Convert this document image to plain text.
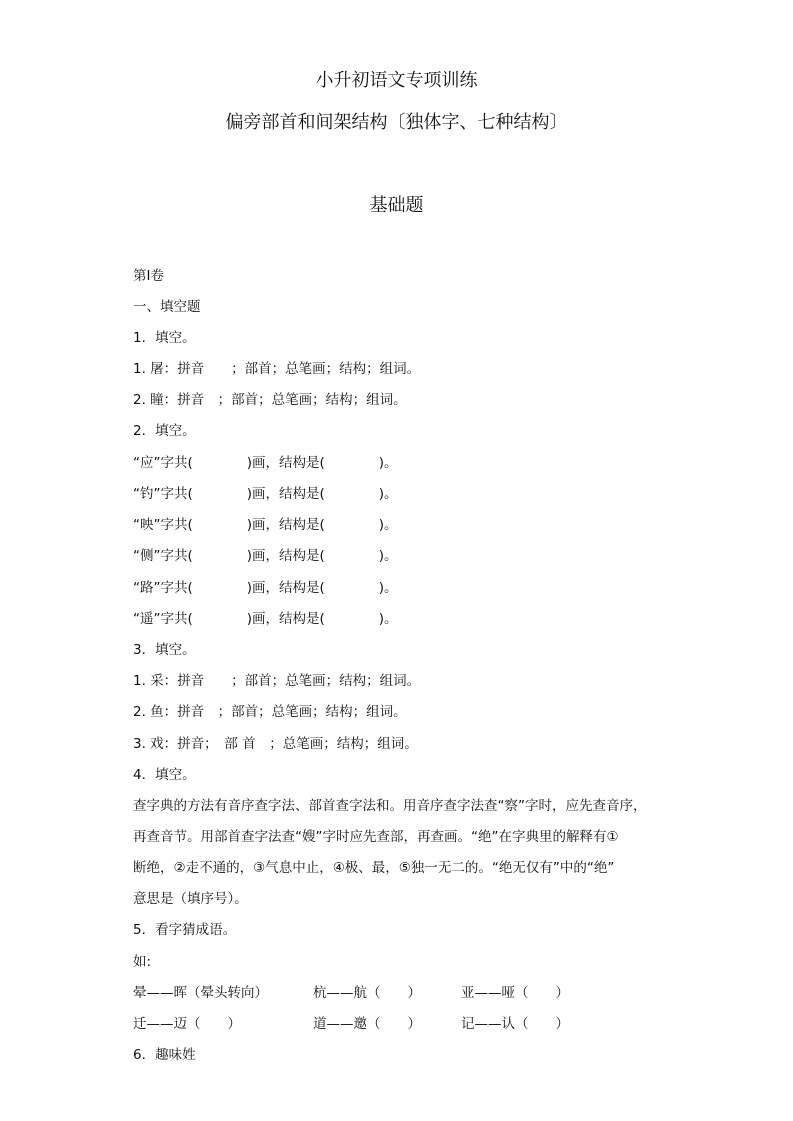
小升初语文专项训练
偏旁部首和间架结构〔独体字、七种结构〕
基础题
第I卷
一、填空题
1．填空。
1. 屠：拼音　　；部首；总笔画；结构；组词。
2. 瞳：拼音　；部首；总笔画；结构；组词。
2．填空。
“应”字共(　　　　)画，结构是(　　　　)。
“钓”字共(　　　　)画，结构是(　　　　)。
“映”字共(　　　　)画，结构是(　　　　)。
“侧”字共(　　　　)画，结构是(　　　　)。
“路”字共(　　　　)画，结构是(　　　　)。
“遥”字共(　　　　)画，结构是(　　　　)。
3．填空。
1. 采：拼音　　；部首；总笔画；结构；组词。
2. 鱼：拼音　；部首；总笔画；结构；组词。
3. 戏：拼音；　部 首　；总笔画；结构；组词。
4．填空。
查字典的方法有音序查字法、部首查字法和。用音序查字法查“察”字时，应先查音序，
再查音节。用部首查字法查“嫂”字时应先查部，再查画。“绝”在字典里的解释有①
断绝，②走不通的，③气息中止，④极、最，⑤独一无二的。“绝无仅有”中的“绝”
意思是（填序号）。
5．看字猜成语。
如:
晕——晖（晕头转向）	杭——航（　　）	亚——哑（　　）
迁——迈（　　）	道——邀（　　）	记——认（　　）
6．趣味姓
